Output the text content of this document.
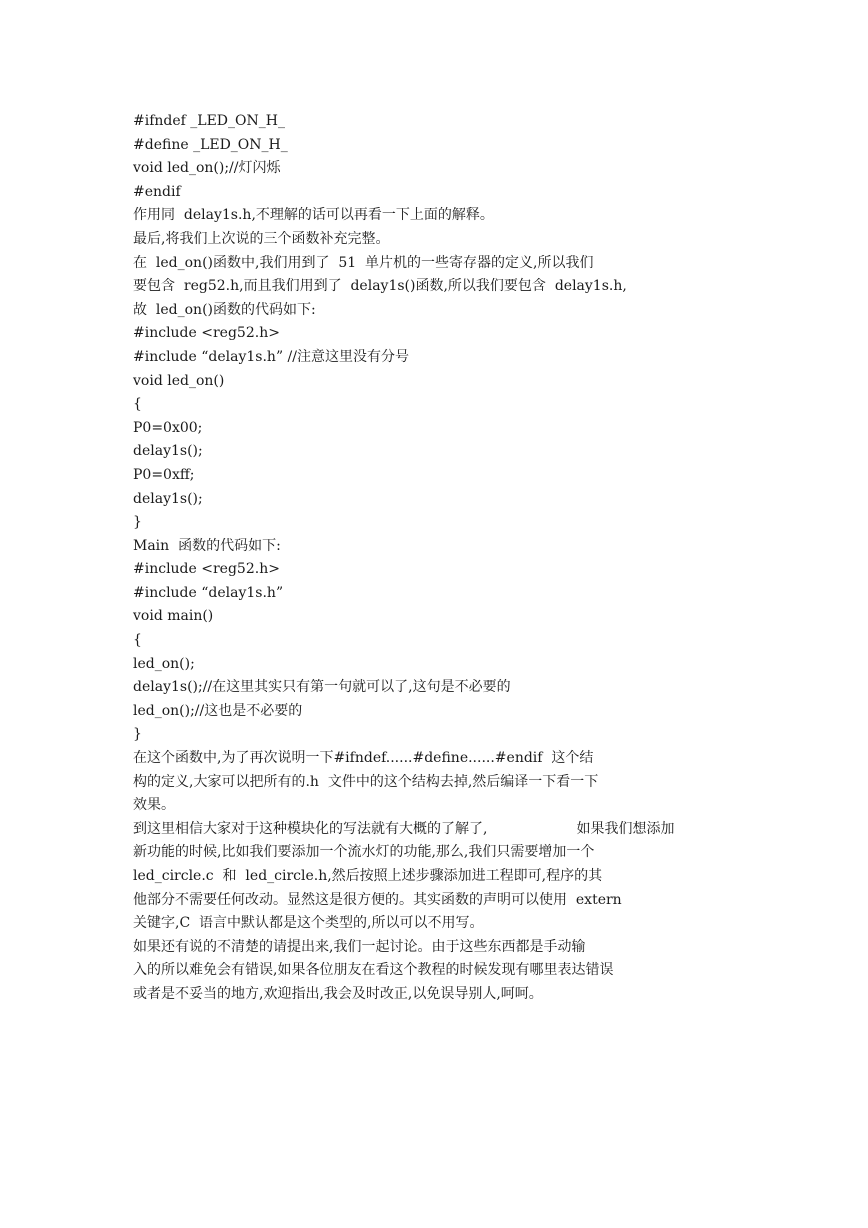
#ifndef _LED_ON_H_
#define _LED_ON_H_
void led_on();//灯闪烁
#endif
作用同  delay1s.h,不理解的话可以再看一下上面的解释。
最后,将我们上次说的三个函数补充完整。
在  led_on()函数中,我们用到了  51  单片机的一些寄存器的定义,所以我们
要包含  reg52.h,而且我们用到了  delay1s()函数,所以我们要包含  delay1s.h,
故  led_on()函数的代码如下:
#include <reg52.h>
#include “delay1s.h” //注意这里没有分号
void led_on()
{
P0=0x00;
delay1s();
P0=0xff;
delay1s();
}
Main  函数的代码如下:
#include <reg52.h>
#include “delay1s.h”
void main()
{
led_on();
delay1s();//在这里其实只有第一句就可以了,这句是不必要的
led_on();//这也是不必要的
}
在这个函数中,为了再次说明一下#ifndef......#define......#endif  这个结
构的定义,大家可以把所有的.h  文件中的这个结构去掉,然后编译一下看一下
效果。
到这里相信大家对于这种模块化的写法就有大概的了解了,                    如果我们想添加
新功能的时候,比如我们要添加一个流水灯的功能,那么,我们只需要增加一个
led_circle.c  和  led_circle.h,然后按照上述步骤添加进工程即可,程序的其
他部分不需要任何改动。显然这是很方便的。其实函数的声明可以使用  extern
关键字,C  语言中默认都是这个类型的,所以可以不用写。
如果还有说的不清楚的请提出来,我们一起讨论。由于这些东西都是手动输
入的所以难免会有错误,如果各位朋友在看这个教程的时候发现有哪里表达错误
或者是不妥当的地方,欢迎指出,我会及时改正,以免误导别人,呵呵。
